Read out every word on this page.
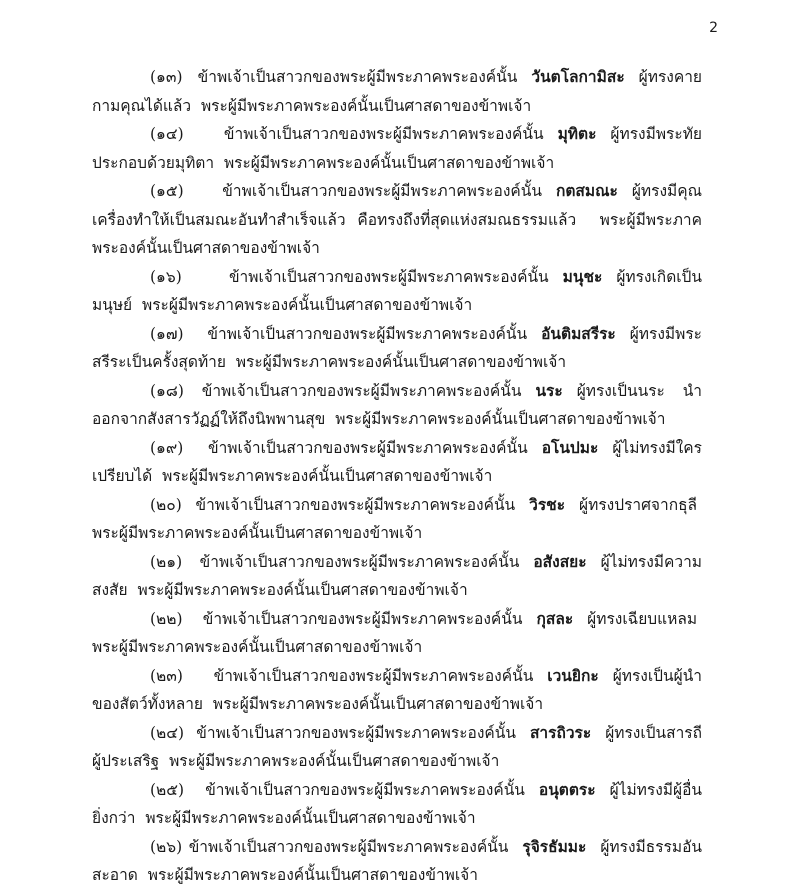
2

(๑๓) ข้าพเจ้าเป็นสาวกของพระผู้มีพระภาคพระองค์นั้น วันตโลกามิสะ ผู้ทรงคายกามคุณได้แล้ว พระผู้มีพระภาคพระองค์นั้นเป็นศาสดาของข้าพเจ้า

(๑๔)	ข้าพเจ้าเป็นสาวกของพระผู้มีพระภาคพระองค์นั้น มุทิตะ ผู้ทรงมีพระทัยประกอบด้วยมุทิตา พระผู้มีพระภาคพระองค์นั้นเป็นศาสดาของข้าพเจ้า

(๑๕) ข้าพเจ้าเป็นสาวกของพระผู้มีพระภาคพระองค์นั้น กตสมณะ ผู้ทรงมีคุณเครื่องทำให้เป็นสมณะอันทำสำเร็จแล้ว คือทรงถึงที่สุดแห่งสมณธรรมแล้ว พระผู้มีพระภาคพระองค์นั้นเป็นศาสดาของข้าพเจ้า

(๑๖)	ข้าพเจ้าเป็นสาวกของพระผู้มีพระภาคพระองค์นั้น มนุชะ ผู้ทรงเกิดเป็นมนุษย์ พระผู้มีพระภาคพระองค์นั้นเป็นศาสดาของข้าพเจ้า

(๑๗) ข้าพเจ้าเป็นสาวกของพระผู้มีพระภาคพระองค์นั้น อันติมสรีระ ผู้ทรงมีพระสรีระเป็นครั้งสุดท้าย พระผู้มีพระภาคพระองค์นั้นเป็นศาสดาของข้าพเจ้า

(๑๘) ข้าพเจ้าเป็นสาวกของพระผู้มีพระภาคพระองค์นั้น นระ ผู้ทรงเป็นนระ นำออกจากสังสารวัฏฏ์ให้ถึงนิพพานสุข พระผู้มีพระภาคพระองค์นั้นเป็นศาสดาของข้าพเจ้า

(๑๙) ข้าพเจ้าเป็นสาวกของพระผู้มีพระภาคพระองค์นั้น อโนปมะ ผู้ไม่ทรงมีใครเปรียบได้ พระผู้มีพระภาคพระองค์นั้นเป็นศาสดาของข้าพเจ้า

(๒๐) ข้าพเจ้าเป็นสาวกของพระผู้มีพระภาคพระองค์นั้น วิรชะ ผู้ทรงปราศจากธุลี  พระผู้มีพระภาคพระองค์นั้นเป็นศาสดาของข้าพเจ้า

(๒๑) ข้าพเจ้าเป็นสาวกของพระผู้มีพระภาคพระองค์นั้น อสังสยะ ผู้ไม่ทรงมีความสงสัย พระผู้มีพระภาคพระองค์นั้นเป็นศาสดาของข้าพเจ้า

(๒๒) ข้าพเจ้าเป็นสาวกของพระผู้มีพระภาคพระองค์นั้น กุสละ ผู้ทรงเฉียบแหลม  พระผู้มีพระภาคพระองค์นั้นเป็นศาสดาของข้าพเจ้า

(๒๓) ข้าพเจ้าเป็นสาวกของพระผู้มีพระภาคพระองค์นั้น เวนยิกะ ผู้ทรงเป็นผู้นำของสัตว์ทั้งหลาย พระผู้มีพระภาคพระองค์นั้นเป็นศาสดาของข้าพเจ้า

(๒๔) ข้าพเจ้าเป็นสาวกของพระผู้มีพระภาคพระองค์นั้น สารถิวระ ผู้ทรงเป็นสารถีผู้ประเสริฐ พระผู้มีพระภาคพระองค์นั้นเป็นศาสดาของข้าพเจ้า

(๒๕) ข้าพเจ้าเป็นสาวกของพระผู้มีพระภาคพระองค์นั้น อนุตตระ ผู้ไม่ทรงมีผู้อื่นยิ่งกว่า พระผู้มีพระภาคพระองค์นั้นเป็นศาสดาของข้าพเจ้า

(๒๖) ข้าพเจ้าเป็นสาวกของพระผู้มีพระภาคพระองค์นั้น รุจิรธัมมะ ผู้ทรงมีธรรมอันสะอาด พระผู้มีพระภาคพระองค์นั้นเป็นศาสดาของข้าพเจ้า
